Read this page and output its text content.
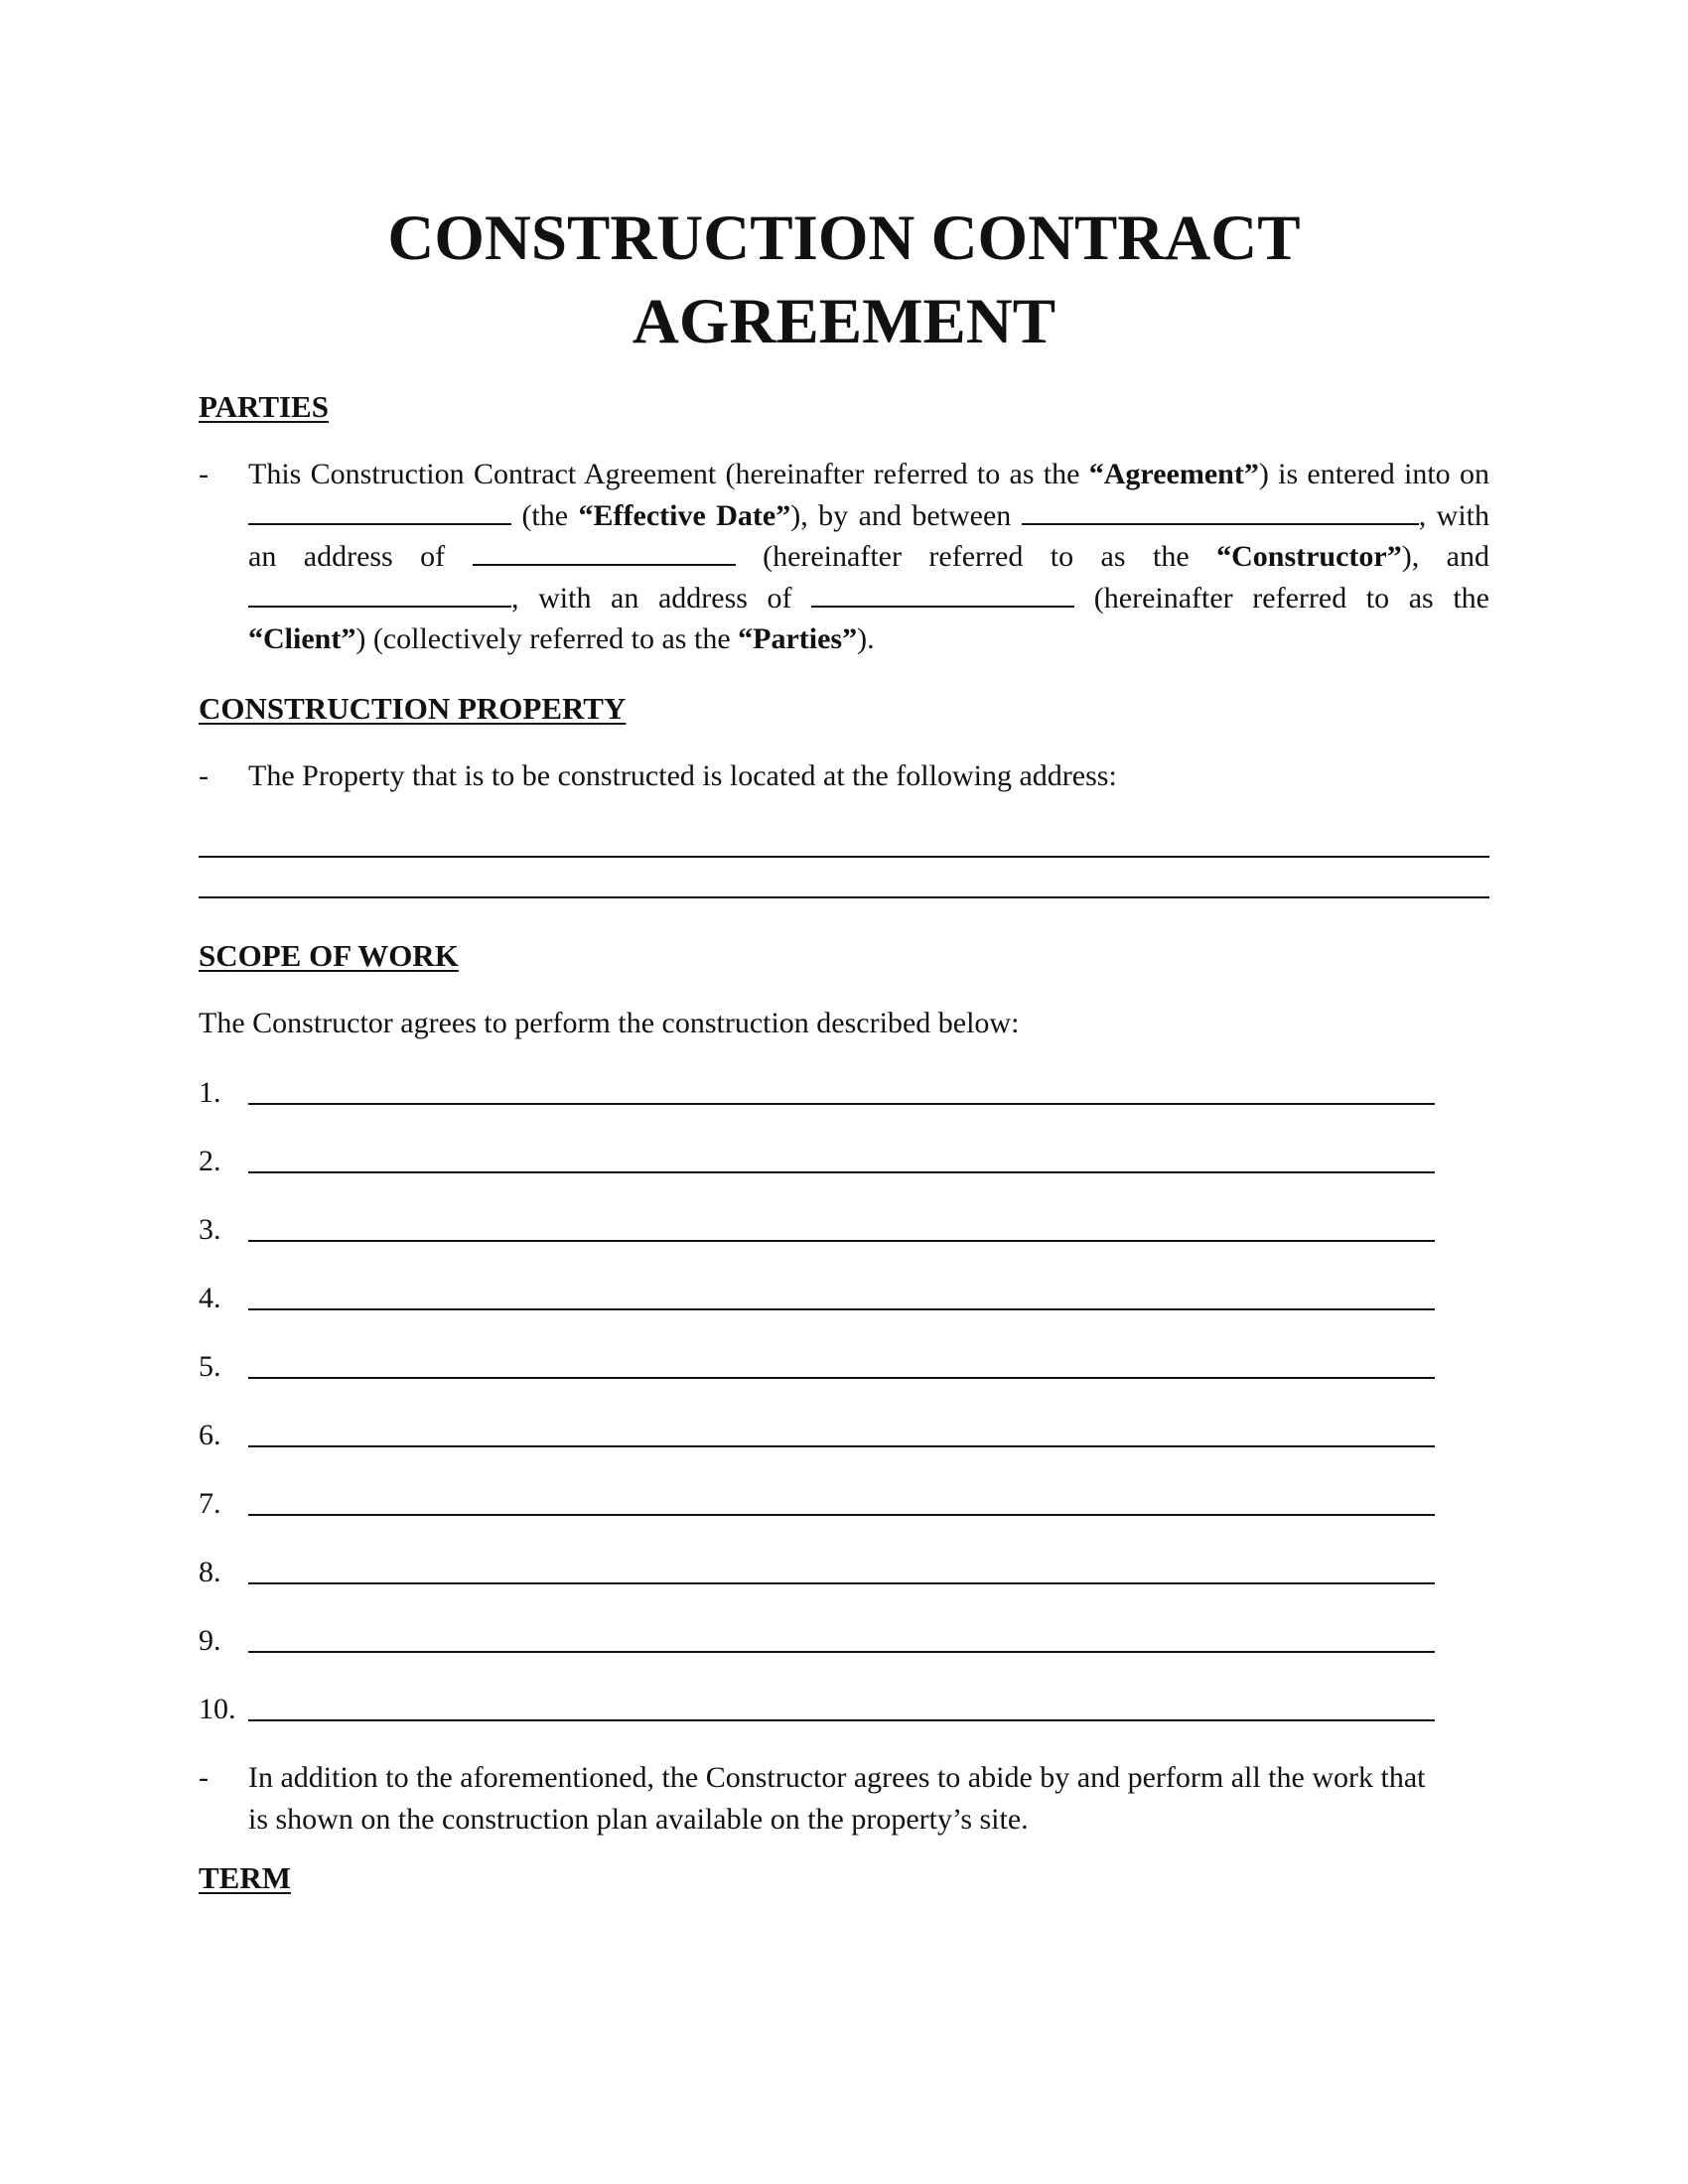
CONSTRUCTION CONTRACT
AGREEMENT
PARTIES
- This Construction Contract Agreement (hereinafter referred to as the “Agreement”) is entered into on  (the “Effective Date”), by and between	, with an address of	(hereinafter referred to as the “Constructor”), and , with an address of	(hereinafter referred to as the “Client”) (collectively referred to as the “Parties”).

CONSTRUCTION PROPERTY
- The Property that is to be constructed is located at the following address:

SCOPE OF WORK

The Constructor agrees to perform the construction described below:

1.
2.
3.
4.
5.
6.
7.
8.
9.
10.
- In addition to the aforementioned, the Constructor agrees to abide by and perform all the work that is shown on the construction plan available on the property’s site.

TERM
